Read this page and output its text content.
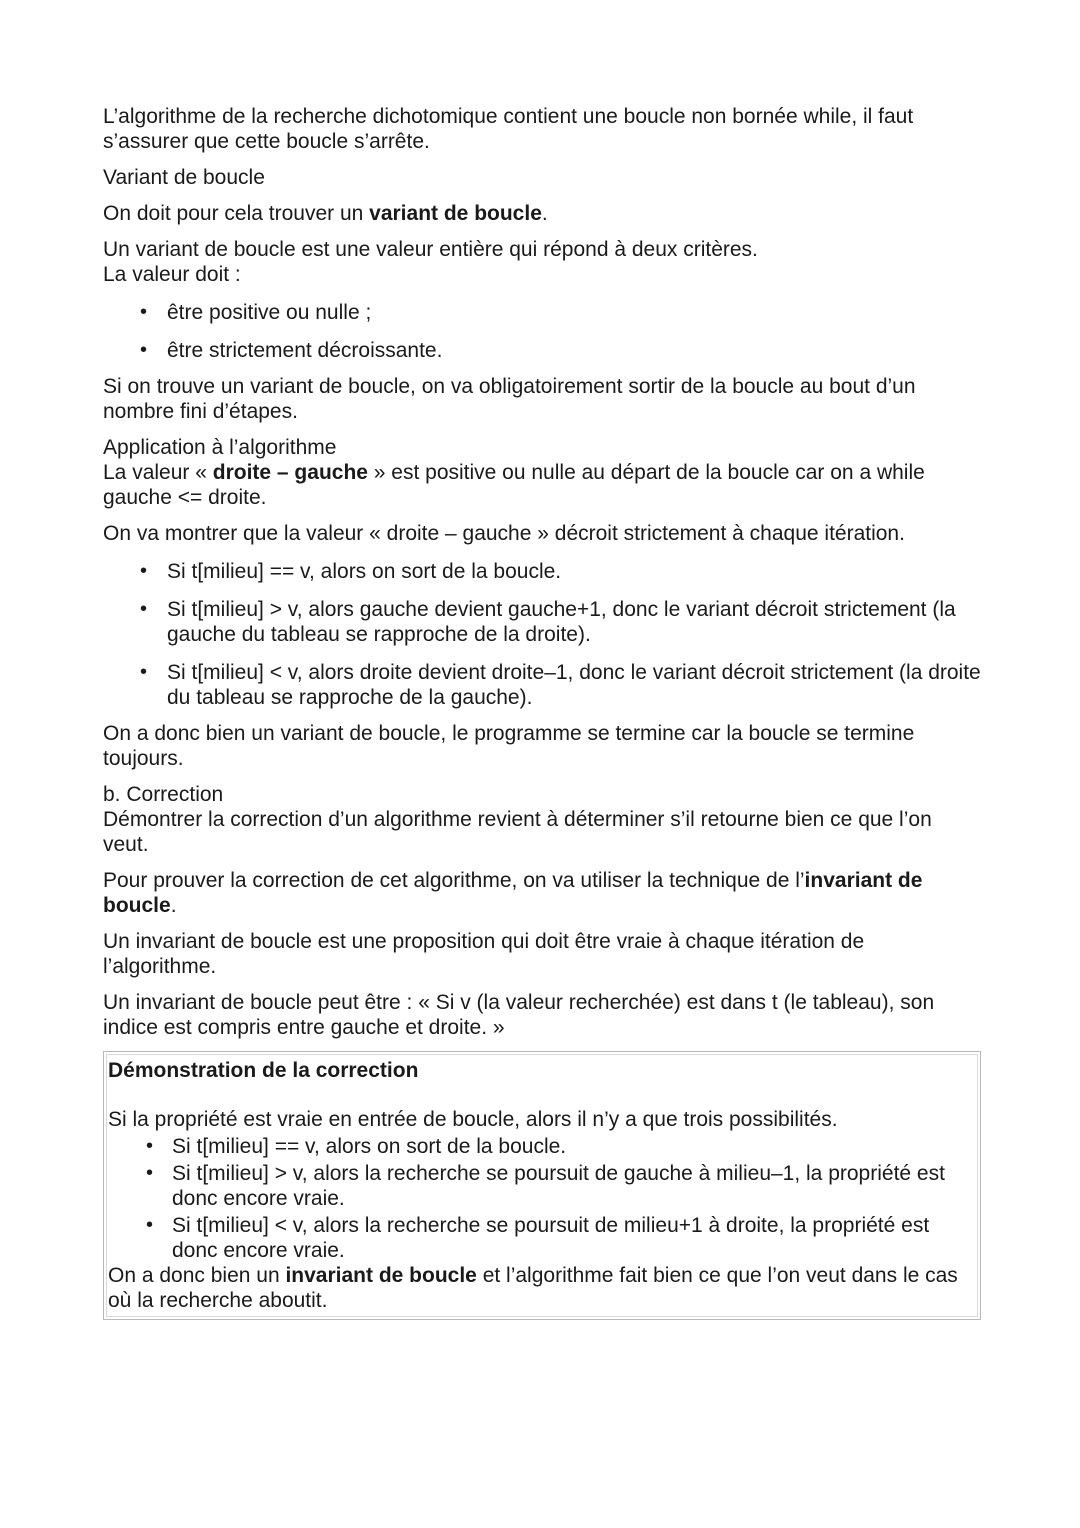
L’algorithme de la recherche dichotomique contient une boucle non bornée while, il faut s’assurer que cette boucle s’arrête.

Variant de boucle

On doit pour cela trouver un variant de boucle.

Un variant de boucle est une valeur entière qui répond à deux critères.
La valeur doit :

• être positive ou nulle ;
• être strictement décroissante.

Si on trouve un variant de boucle, on va obligatoirement sortir de la boucle au bout d’un nombre fini d’étapes.

Application à l’algorithme

La valeur « droite – gauche » est positive ou nulle au départ de la boucle car on a while gauche <= droite.

On va montrer que la valeur « droite – gauche » décroit strictement à chaque itération.

• Si t[milieu] == v, alors on sort de la boucle.
• Si t[milieu] > v, alors gauche devient gauche+1, donc le variant décroit strictement (la gauche du tableau se rapproche de la droite).
• Si t[milieu] < v, alors droite devient droite–1, donc le variant décroit strictement (la droite du tableau se rapproche de la gauche).

On a donc bien un variant de boucle, le programme se termine car la boucle se termine toujours.

b. Correction

Démontrer la correction d’un algorithme revient à déterminer s’il retourne bien ce que l’on veut.

Pour prouver la correction de cet algorithme, on va utiliser la technique de l’invariant de boucle.

Un invariant de boucle est une proposition qui doit être vraie à chaque itération de l’algorithme.

Un invariant de boucle peut être : « Si v (la valeur recherchée) est dans t (le tableau), son indice est compris entre gauche et droite. »

Démonstration de la correction

Si la propriété est vraie en entrée de boucle, alors il n’y a que trois possibilités.

• Si t[milieu] == v, alors on sort de la boucle.
• Si t[milieu] > v, alors la recherche se poursuit de gauche à milieu–1, la propriété est donc encore vraie.
• Si t[milieu] < v, alors la recherche se poursuit de milieu+1 à droite, la propriété est donc encore vraie.

On a donc bien un invariant de boucle et l’algorithme fait bien ce que l’on veut dans le cas où la recherche aboutit.
